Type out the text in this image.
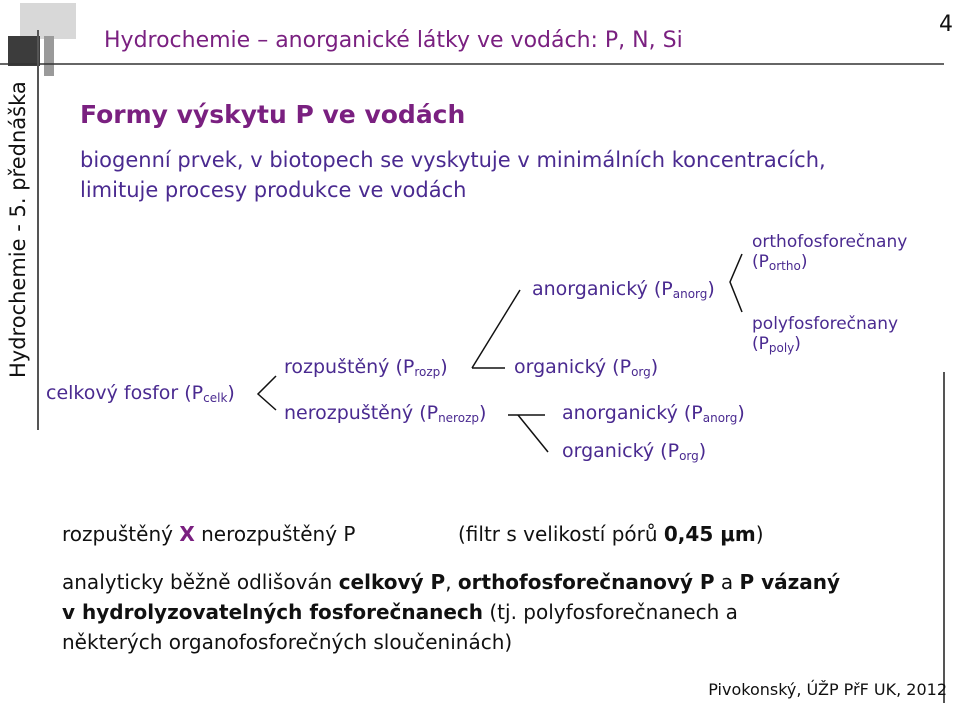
Hydrochemie – anorganické látky ve vodách: P, N, Si
4
Hydrochemie - 5. přednáška Formy výskytu P ve vodách
biogenní prvek, v biotopech se vyskytuje v minimálních koncentracích,
limituje procesy produkce ve vodách
celkový fosfor $(P_{celk})$
rozpuštěný $(P_{rozp})$
nerozpuštěný $(P_{nerozp})$
anorganický $(P_{anorg})$
organický $(P_{org})$
anorganický $(P_{anorg})$
organický $(P_{org})$
orthofosforečnany
$(P_{ortho})$
polyfosforečnany
$(P_{poly})$
rozpuštěný X nerozpuštěný P	(filtr s velikostí pórů 0,45 μm)
analyticky běžně odlišován celkový P, orthofosforečnanový P a P vázaný
v hydrolyzovatelných fosforečnanech (tj. polyfosforečnanech a
některých organofosforečných sloučeninách)
Pivokonský, ÚŽP PřF UK, 2012
